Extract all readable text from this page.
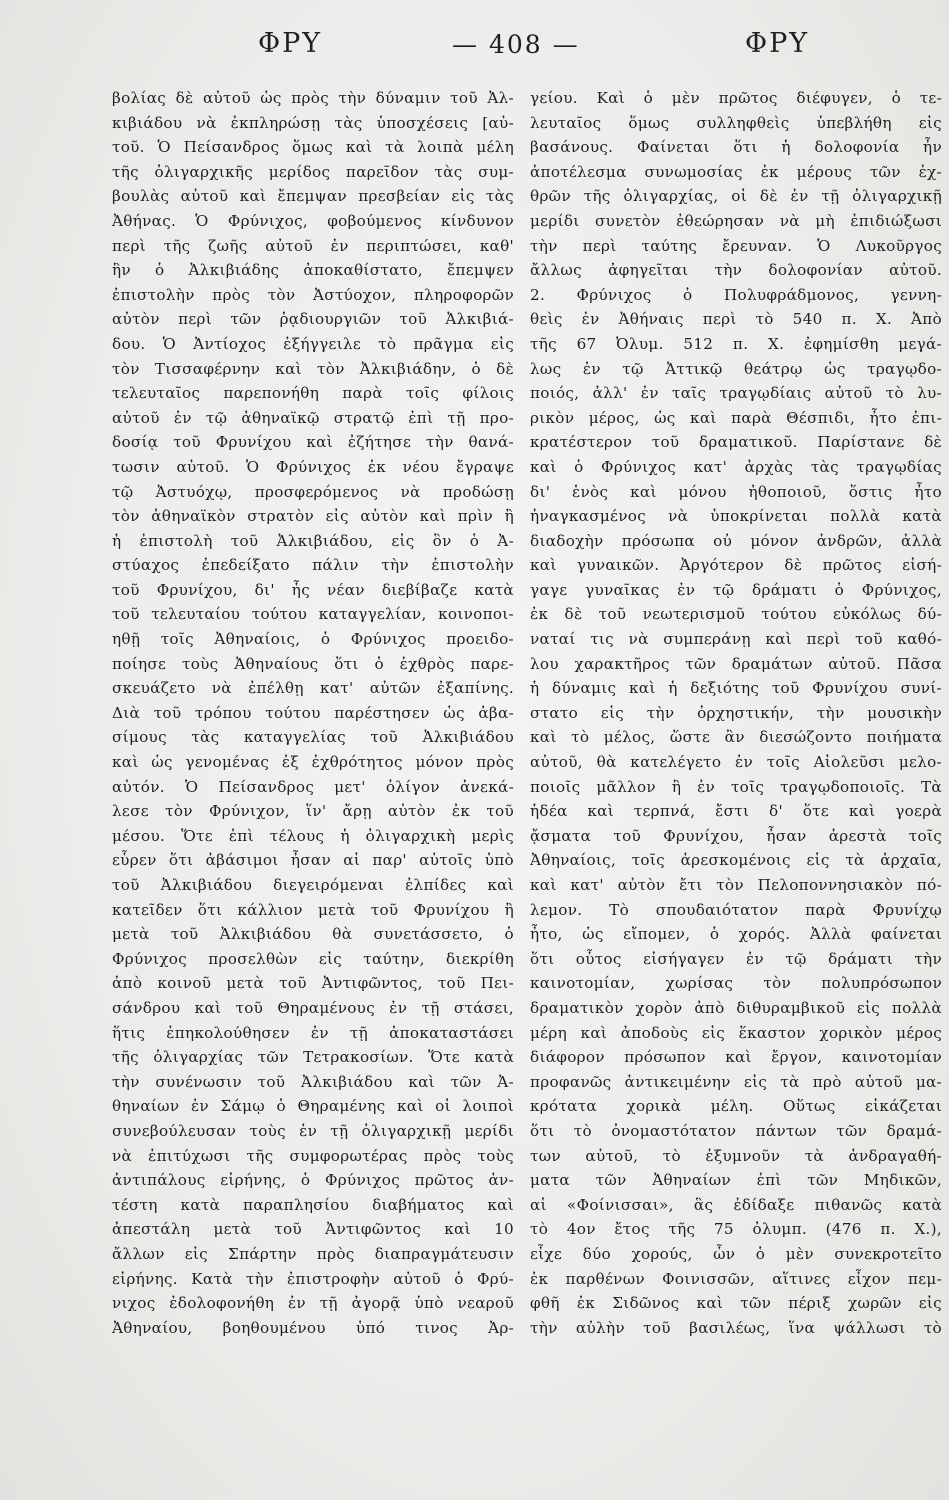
ΦΡΥ	— 408 —	ΦΡΥ
βολίας δὲ αὐτοῦ ὡς πρὸς τὴν δύναμιν τοῦ Ἀλ-
κιβιάδου νὰ ἐκπληρώσῃ τὰς ὑποσχέσεις [αὐ-
τοῦ. Ὁ Πείσανδρος ὅμως καὶ τὰ λοιπὰ μέλη
τῆς ὀλιγαρχικῆς μερίδος παρεῖδον τὰς συμ-
βουλὰς αὐτοῦ καὶ ἔπεμψαν πρεσβείαν εἰς τὰς
Ἀθήνας. Ὁ Φρύνιχος, φοβούμενος κίνδυνον
περὶ τῆς ζωῆς αὐτοῦ ἐν περιπτώσει, καθ'
ἣν ὁ Ἀλκιβιάδης ἀποκαθίστατο, ἔπεμψεν
ἐπιστολὴν πρὸς τὸν Ἀστύοχον, πληροφορῶν
αὐτὸν περὶ τῶν ῥᾳδιουργιῶν τοῦ Ἀλκιβιά-
δου. Ὁ Ἀντίοχος ἐξήγγειλε τὸ πρᾶγμα εἰς
τὸν Τισσαφέρνην καὶ τὸν Ἀλκιβιάδην, ὁ δὲ
τελευταῖος παρεπονήθη παρὰ τοῖς φίλοις
αὐτοῦ ἐν τῷ ἀθηναϊκῷ στρατῷ ἐπὶ τῇ προ-
δοσίᾳ τοῦ Φρυνίχου καὶ ἐζήτησε τὴν θανά-
τωσιν αὐτοῦ. Ὁ Φρύνιχος ἐκ νέου ἔγραψε
τῷ Ἀστυόχῳ, προσφερόμενος νὰ προδώσῃ
τὸν ἀθηναϊκὸν στρατὸν εἰς αὐτὸν καὶ πρὶν ἢ
ἡ ἐπιστολὴ τοῦ Ἀλκιβιάδου, εἰς ὃν ὁ Ἀ-
στύαχος ἐπεδείξατο πάλιν τὴν ἐπιστολὴν
τοῦ Φρυνίχου, δι' ἧς νέαν διεβίβαζε κατὰ
τοῦ τελευταίου τούτου καταγγελίαν, κοινοποι-
ηθῇ τοῖς Ἀθηναίοις, ὁ Φρύνιχος προειδο-
ποίησε τοὺς Ἀθηναίους ὅτι ὁ ἐχθρὸς παρε-
σκευάζετο νὰ ἐπέλθῃ κατ' αὐτῶν ἐξαπίνης.
Διὰ τοῦ τρόπου τούτου παρέστησεν ὡς ἀβα-
σίμους τὰς καταγγελίας τοῦ Ἀλκιβιάδου
καὶ ὡς γενομένας ἐξ ἐχθρότητος μόνον πρὸς
αὐτόν. Ὁ Πείσανδρος μετ' ὀλίγον ἀνεκά-
λεσε τὸν Φρύνιχον, ἵν' ἄρῃ αὐτὸν ἐκ τοῦ
μέσου. Ὅτε ἐπὶ τέλους ἡ ὀλιγαρχικὴ μερὶς
εὗρεν ὅτι ἀβάσιμοι ἦσαν αἱ παρ' αὐτοῖς ὑπὸ
τοῦ Ἀλκιβιάδου διεγειρόμεναι ἐλπίδες καὶ
κατεῖδεν ὅτι κάλλιον μετὰ τοῦ Φρυνίχου ἢ
μετὰ τοῦ Ἀλκιβιάδου θὰ συνετάσσετο, ὁ
Φρύνιχος προσελθὼν εἰς ταύτην, διεκρίθη
ἀπὸ κοινοῦ μετὰ τοῦ Ἀντιφῶντος, τοῦ Πει-
σάνδρου καὶ τοῦ Θηραμένους ἐν τῇ στάσει,
ἥτις ἐπηκολούθησεν ἐν τῇ ἀποκαταστάσει
τῆς ὀλιγαρχίας τῶν Τετρακοσίων. Ὅτε κατὰ
τὴν συνένωσιν τοῦ Ἀλκιβιάδου καὶ τῶν Ἀ-
θηναίων ἐν Σάμῳ ὁ Θηραμένης καὶ οἱ λοιποὶ
συνεβούλευσαν τοὺς ἐν τῇ ὀλιγαρχικῇ μερίδι
νὰ ἐπιτύχωσι τῆς συμφορωτέρας πρὸς τοὺς
ἀντιπάλους εἰρήνης, ὁ Φρύνιχος πρῶτος ἀν-
τέστη κατὰ παραπλησίου διαβήματος καὶ
ἀπεστάλη μετὰ τοῦ Ἀντιφῶντος καὶ 10
ἄλλων εἰς Σπάρτην πρὸς διαπραγμάτευσιν
εἰρήνης. Κατὰ τὴν ἐπιστροφὴν αὐτοῦ ὁ Φρύ-
νιχος ἐδολοφονήθη ἐν τῇ ἀγορᾷ ὑπὸ νεαροῦ
Ἀθηναίου, βοηθουμένου ὑπό τινος Ἀρ-
γείου. Καὶ ὁ μὲν πρῶτος διέφυγεν, ὁ τε-
λευταῖος ὅμως συλληφθεὶς ὑπεβλήθη εἰς
βασάνους. Φαίνεται ὅτι ἡ δολοφονία ἦν
ἀποτέλεσμα συνωμοσίας ἐκ μέρους τῶν ἐχ-
θρῶν τῆς ὀλιγαρχίας, οἱ δὲ ἐν τῇ ὀλιγαρχικῇ
μερίδι συνετὸν ἐθεώρησαν νὰ μὴ ἐπιδιώξωσι
τὴν περὶ ταύτης ἔρευναν. Ὁ Λυκοῦργος
ἄλλως ἀφηγεῖται τὴν δολοφονίαν αὐτοῦ.
2. Φρύνιχος ὁ Πολυφράδμονος, γεννη-
θεὶς ἐν Ἀθήναις περὶ τὸ 540 π. Χ. Ἀπὸ
τῆς 67 Ὀλυμ. 512 π. Χ. ἐφημίσθη μεγά-
λως ἐν τῷ Ἀττικῷ θεάτρῳ ὡς τραγῳδο-
ποιός, ἀλλ' ἐν ταῖς τραγῳδίαις αὐτοῦ τὸ λυ-
ρικὸν μέρος, ὡς καὶ παρὰ Θέσπιδι, ἦτο ἐπι-
κρατέστερον τοῦ δραματικοῦ. Παρίστανε δὲ
καὶ ὁ Φρύνιχος κατ' ἀρχὰς τὰς τραγῳδίας
δι' ἑνὸς καὶ μόνου ἠθοποιοῦ, ὅστις ἦτο
ἠναγκασμένος νὰ ὑποκρίνεται πολλὰ κατὰ
διαδοχὴν πρόσωπα οὐ μόνον ἀνδρῶν, ἀλλὰ
καὶ γυναικῶν. Ἀργότερον δὲ πρῶτος εἰσή-
γαγε γυναῖκας ἐν τῷ δράματι ὁ Φρύνιχος,
ἐκ δὲ τοῦ νεωτερισμοῦ τούτου εὐκόλως δύ-
ναταί τις νὰ συμπεράνῃ καὶ περὶ τοῦ καθό-
λου χαρακτῆρος τῶν δραμάτων αὐτοῦ. Πᾶσα
ἡ δύναμις καὶ ἡ δεξιότης τοῦ Φρυνίχου συνί-
στατο εἰς τὴν ὀρχηστικήν, τὴν μουσικὴν
καὶ τὸ μέλος, ὥστε ἂν διεσώζοντο ποιήματα
αὐτοῦ, θὰ κατελέγετο ἐν τοῖς Αἰολεῦσι μελο-
ποιοῖς μᾶλλον ἢ ἐν τοῖς τραγῳδοποιοῖς. Τὰ
ἡδέα καὶ τερπνά, ἔστι δ' ὅτε καὶ γοερὰ
ᾄσματα τοῦ Φρυνίχου, ἦσαν ἀρεστὰ τοῖς
Ἀθηναίοις, τοῖς ἀρεσκομένοις εἰς τὰ ἀρχαῖα,
καὶ κατ' αὐτὸν ἔτι τὸν Πελοποννησιακὸν πό-
λεμον. Τὸ σπουδαιότατον παρὰ Φρυνίχῳ
ἦτο, ὡς εἴπομεν, ὁ χορός. Ἀλλὰ φαίνεται
ὅτι οὗτος εἰσήγαγεν ἐν τῷ δράματι τὴν
καινοτομίαν, χωρίσας τὸν πολυπρόσωπον
δραματικὸν χορὸν ἀπὸ διθυραμβικοῦ εἰς πολλὰ
μέρη καὶ ἀποδοὺς εἰς ἕκαστον χορικὸν μέρος
διάφορον πρόσωπον καὶ ἔργον, καινοτομίαν
προφανῶς ἀντικειμένην εἰς τὰ πρὸ αὐτοῦ μα-
κρότατα χορικὰ μέλη. Οὕτως εἰκάζεται
ὅτι τὸ ὀνομαστότατον πάντων τῶν δραμά-
των αὐτοῦ, τὸ ἐξυμνοῦν τὰ ἀνδραγαθή-
ματα τῶν Ἀθηναίων ἐπὶ τῶν Μηδικῶν,
αἱ «Φοίνισσαι», ἃς ἐδίδαξε πιθανῶς κατὰ
τὸ 4ον ἔτος τῆς 75 ὀλυμπ. (476 π. Χ.),
εἶχε δύο χορούς, ὧν ὁ μὲν συνεκροτεῖτο
ἐκ παρθένων Φοινισσῶν, αἵτινες εἶχον πεμ-
φθῆ ἐκ Σιδῶνος καὶ τῶν πέριξ χωρῶν εἰς
τὴν αὐλὴν τοῦ βασιλέως, ἵνα ψάλλωσι τὸ
